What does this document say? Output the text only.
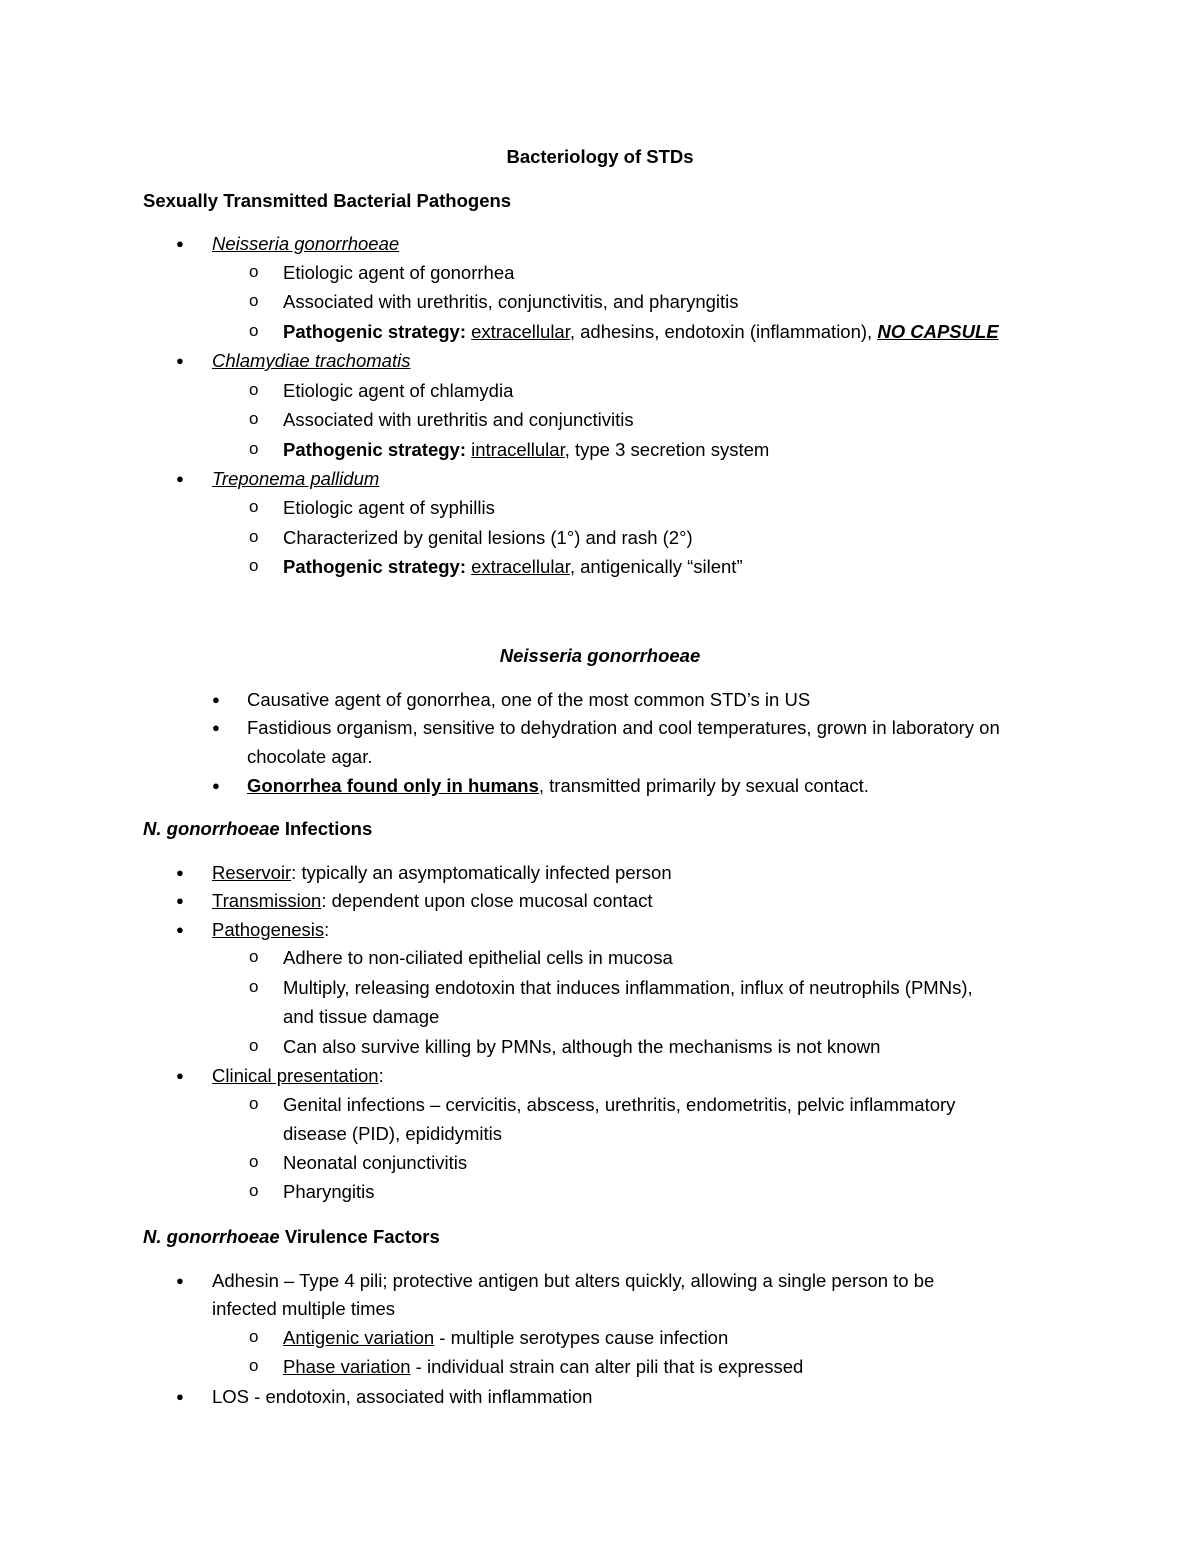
Bacteriology of STDs
Sexually Transmitted Bacterial Pathogens
● Neisseria gonorrhoeae
o Etiologic agent of gonorrhea
o Associated with urethritis, conjunctivitis, and pharyngitis
o Pathogenic strategy: extracellular, adhesins, endotoxin (inflammation), NO CAPSULE
● Chlamydiae trachomatis
o Etiologic agent of chlamydia
o Associated with urethritis and conjunctivitis
o Pathogenic strategy: intracellular, type 3 secretion system
● Treponema pallidum
o Etiologic agent of syphillis
o Characterized by genital lesions (1°) and rash (2°)
o Pathogenic strategy: extracellular, antigenically “silent”
Neisseria gonorrhoeae
● Causative agent of gonorrhea, one of the most common STD’s in US
● Fastidious organism, sensitive to dehydration and cool temperatures, grown in laboratory on
chocolate agar.
● Gonorrhea found only in humans, transmitted primarily by sexual contact.
N. gonorrhoeae Infections
● Reservoir: typically an asymptomatically infected person
● Transmission: dependent upon close mucosal contact
● Pathogenesis:
o Adhere to non-ciliated epithelial cells in mucosa
o Multiply, releasing endotoxin that induces inflammation, influx of neutrophils (PMNs),
and tissue damage
o Can also survive killing by PMNs, although the mechanisms is not known
● Clinical presentation:
o Genital infections – cervicitis, abscess, urethritis, endometritis, pelvic inflammatory
disease (PID), epididymitis
o Neonatal conjunctivitis
o Pharyngitis
N. gonorrhoeae Virulence Factors
● Adhesin – Type 4 pili; protective antigen but alters quickly, allowing a single person to be
infected multiple times
o Antigenic variation - multiple serotypes cause infection
o Phase variation - individual strain can alter pili that is expressed
● LOS - endotoxin, associated with inflammation
